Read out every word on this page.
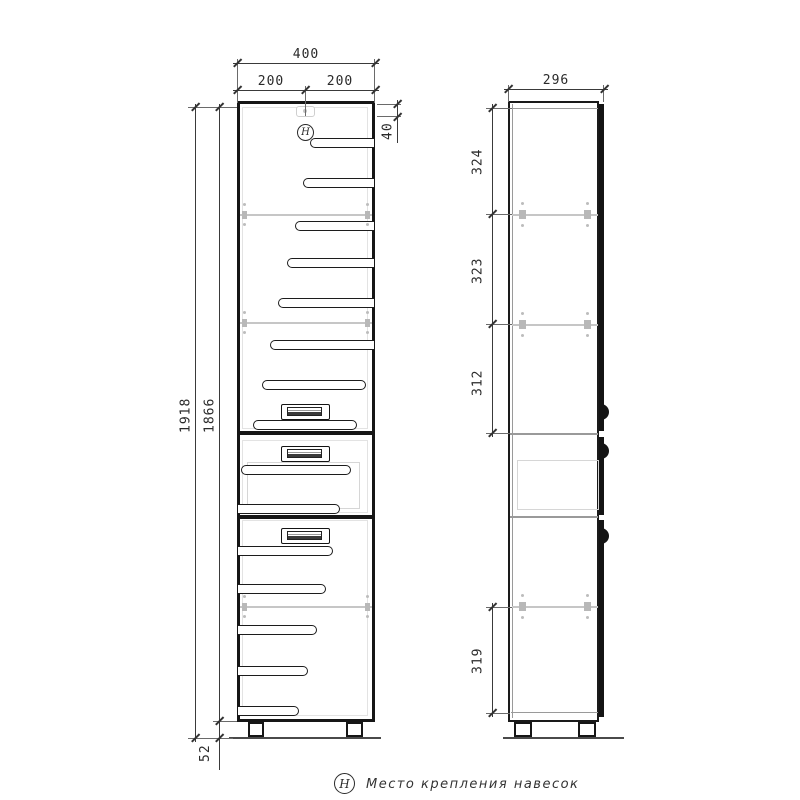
Н
400
200	200
40
1918 1866
52
296
324
323
312
319
Н	Место крепления навесок
